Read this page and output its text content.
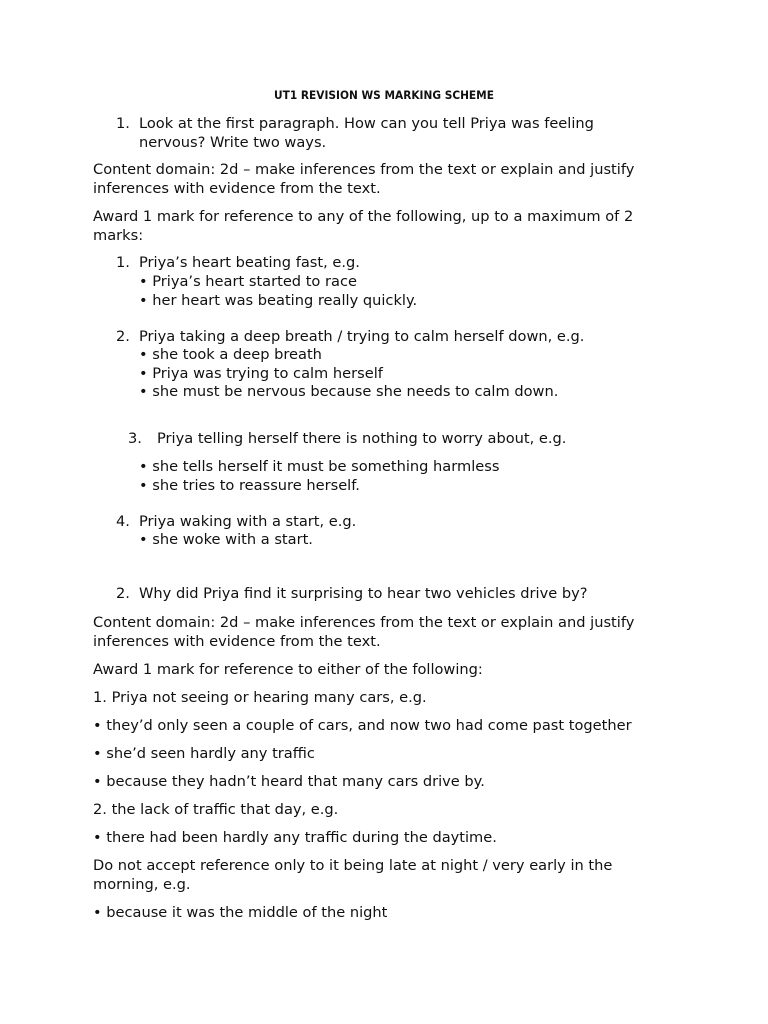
UT1 REVISION WS MARKING SCHEME
1. Look at the first paragraph. How can you tell Priya was feeling
nervous? Write two ways.
Content domain: 2d – make inferences from the text or explain and justify
inferences with evidence from the text.
Award 1 mark for reference to any of the following, up to a maximum of 2
marks:
1. Priya’s heart beating fast, e.g.
• Priya’s heart started to race
• her heart was beating really quickly.
2. Priya taking a deep breath / trying to calm herself down, e.g.
• she took a deep breath
• Priya was trying to calm herself
• she must be nervous because she needs to calm down.
3. Priya telling herself there is nothing to worry about, e.g.
• she tells herself it must be something harmless
• she tries to reassure herself.
4. Priya waking with a start, e.g.
• she woke with a start.
2. Why did Priya find it surprising to hear two vehicles drive by?
Content domain: 2d – make inferences from the text or explain and justify
inferences with evidence from the text.
Award 1 mark for reference to either of the following:
1. Priya not seeing or hearing many cars, e.g.
• they’d only seen a couple of cars, and now two had come past together
• she’d seen hardly any traffic
• because they hadn’t heard that many cars drive by.
2. the lack of traffic that day, e.g.
• there had been hardly any traffic during the daytime.
Do not accept reference only to it being late at night / very early in the
morning, e.g.
• because it was the middle of the night
